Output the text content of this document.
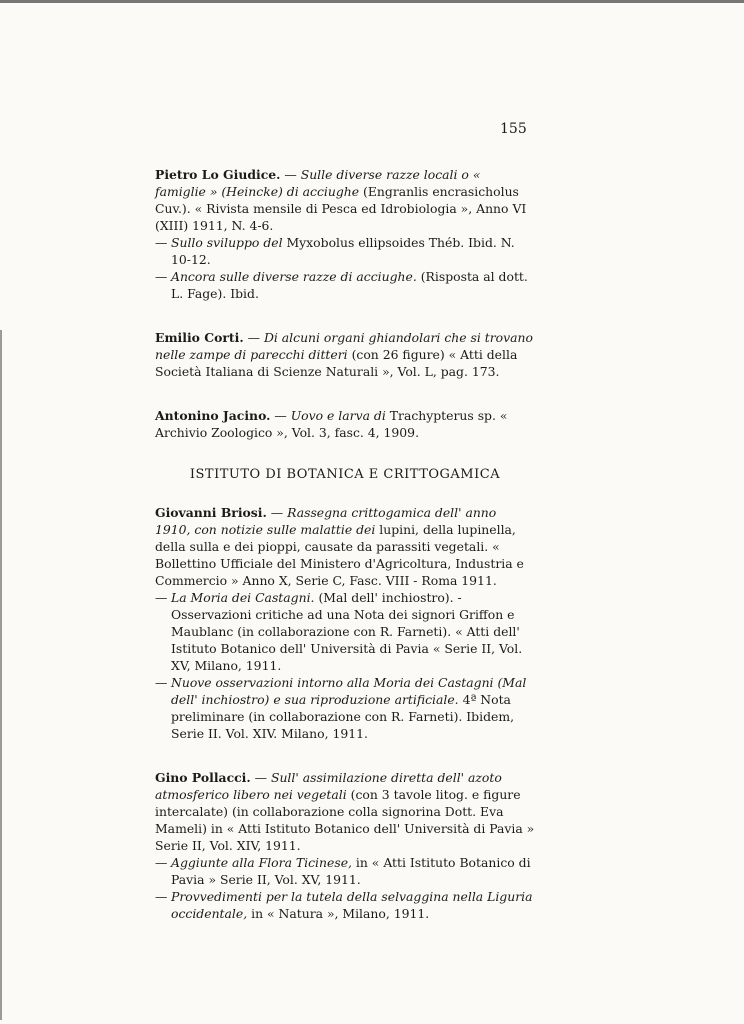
155

Pietro Lo Giudice. — Sulle diverse razze locali o « famiglie » (Heincke) di acciughe (Engranlis encrasicholus Cuv.). « Rivista mensile di Pesca ed Idrobiologia », Anno VI (XIII) 1911, N. 4-6.

— Sullo sviluppo del Myxobolus ellipsoides Théb. Ibid. N. 10-12.

— Ancora sulle diverse razze di acciughe. (Risposta al dott. L. Fage). Ibid.

Emilio Corti. — Di alcuni organi ghiandolari che si trovano nelle zampe di parecchi ditteri (con 26 figure) « Atti della Società Italiana di Scienze Naturali », Vol. L, pag. 173.

Antonino Jacino. — Uovo e larva di Trachypterus sp. « Archivio Zoologico », Vol. 3, fasc. 4, 1909.

ISTITUTO DI BOTANICA E CRITTOGAMICA

Giovanni Briosi. — Rassegna crittogamica dell' anno 1910, con notizie sulle malattie dei lupini, della lupinella, della sulla e dei pioppi, causate da parassiti vegetali. « Bollettino Ufficiale del Ministero d'Agricoltura, Industria e Commercio » Anno X, Serie C, Fasc. VIII - Roma 1911.

— La Moria dei Castagni. (Mal dell' inchiostro). - Osservazioni critiche ad una Nota dei signori Griffon e Maublanc (in collaborazione con R. Farneti). « Atti dell' Istituto Botanico dell' Università di Pavia « Serie II, Vol. XV, Milano, 1911.

— Nuove osservazioni intorno alla Moria dei Castagni (Mal dell' inchiostro) e sua riproduzione artificiale. 4ª Nota preliminare (in collaborazione con R. Farneti). Ibidem, Serie II. Vol. XIV. Milano, 1911.

Gino Pollacci. — Sull' assimilazione diretta dell' azoto atmosferico libero nei vegetali (con 3 tavole litog. e figure intercalate) (in collaborazione colla signorina Dott. Eva Mameli) in « Atti Istituto Botanico dell' Università di Pavia » Serie II, Vol. XIV, 1911.

— Aggiunte alla Flora Ticinese, in « Atti Istituto Botanico di Pavia » Serie II, Vol. XV, 1911.

— Provvedimenti per la tutela della selvaggina nella Liguria occidentale, in « Natura », Milano, 1911.
